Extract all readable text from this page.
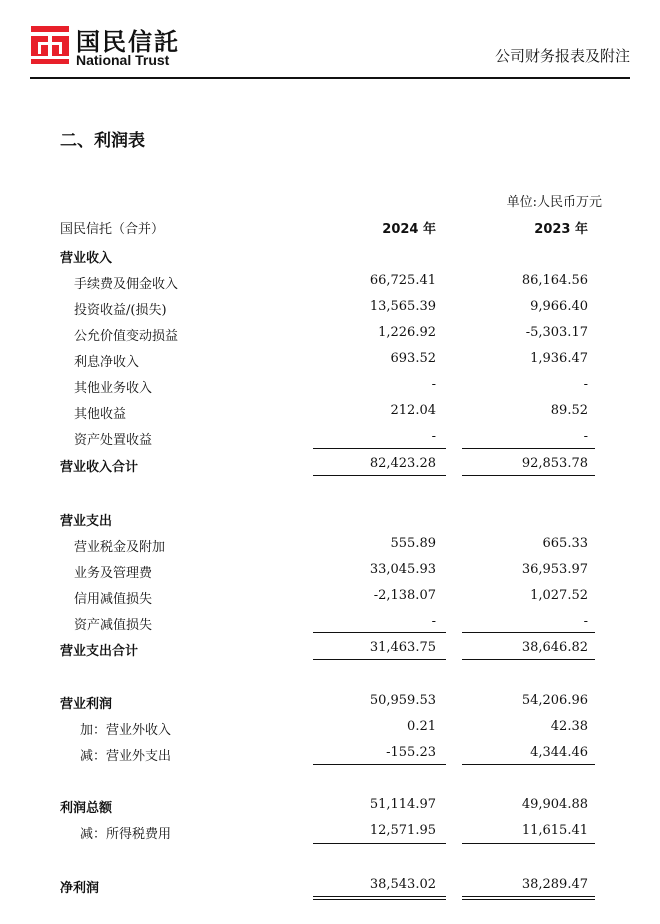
国民信託
National Trust	公司财务报表及附注
二、利润表
单位:人民币万元
国民信托（合并）	2024 年	2023 年
营业收入
手续费及佣金收入	66,725.41	86,164.56
投资收益/(损失)	13,565.39	9,966.40
公允价值变动损益	1,226.92	-5,303.17
利息净收入	693.52	1,936.47
其他业务收入	-	-
其他收益	212.04	89.52
资产处置收益	-	-
营业收入合计	82,423.28	92,853.78
营业支出
营业税金及附加	555.89	665.33
业务及管理费	33,045.93	36,953.97
信用减值损失	-2,138.07	1,027.52
资产减值损失	-	-
营业支出合计	31,463.75	38,646.82
营业利润	50,959.53	54,206.96
加：营业外收入	0.21	42.38
减：营业外支出	-155.23	4,344.46
利润总额	51,114.97	49,904.88
减：所得税费用	12,571.95	11,615.41
净利润	38,543.02	38,289.47
